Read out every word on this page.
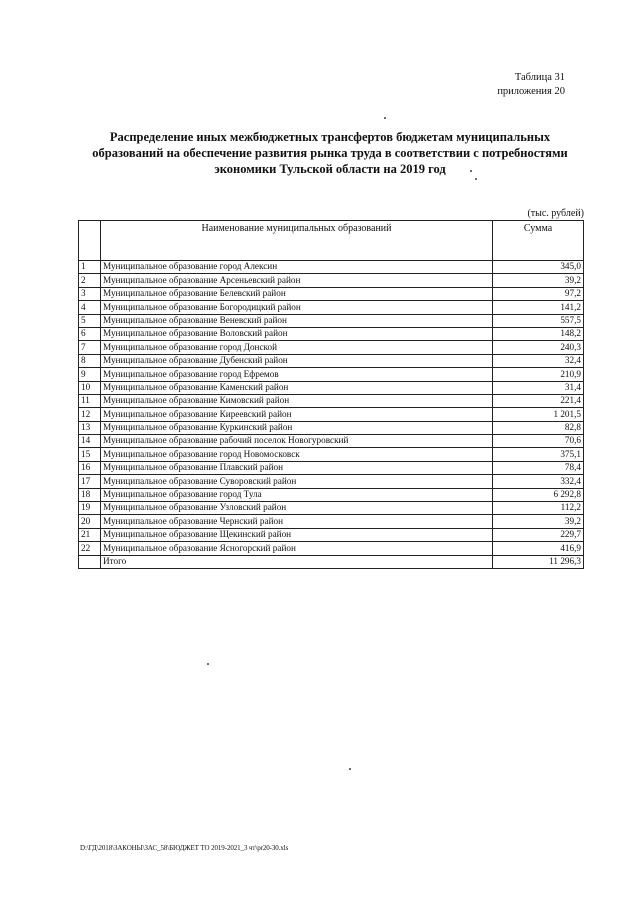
Таблица 31
приложения 20
Распределение иных межбюджетных трансфертов бюджетам муниципальных
образований на обеспечение развития рынка труда в соответствии с потребностями
экономики Тульской области на 2019 год
(тыс. рублей)
	Наименование муниципальных образований	Сумма
1	Муниципальное образование город Алексин	345,0
2	Муниципальное образование Арсеньевский район	39,2
3	Муниципальное образование Белевский район	97,2
4	Муниципальное образование Богородицкий район	141,2
5	Муниципальное образование Веневский район	557,5
6	Муниципальное образование Воловский район	148,2
7	Муниципальное образование город Донской	240,3
8	Муниципальное образование Дубенский район	32,4
9	Муниципальное образование город Ефремов	210,9
10	Муниципальное образование Каменский район	31,4
11	Муниципальное образование Кимовский район	221,4
12	Муниципальное образование Киреевский район	1 201,5
13	Муниципальное образование Куркинский район	82,8
14	Муниципальное образование рабочий поселок Новогуровский	70,6
15	Муниципальное образование город Новомосковск	375,1
16	Муниципальное образование Плавский район	78,4
17	Муниципальное образование Суворовский район	332,4
18	Муниципальное образование город Тула	6 292,8
19	Муниципальное образование Узловский район	112,2
20	Муниципальное образование Чернский район	39,2
21	Муниципальное образование Щекинский район	229,7
22	Муниципальное образование Ясногорский район	416,9
	Итого	11 296,3
D:\ГД\2018\ЗАКОНЫ\ЗАС_58\БЮДЖЕТ ТО 2019-2021_3 чт\pr20-30.xls
